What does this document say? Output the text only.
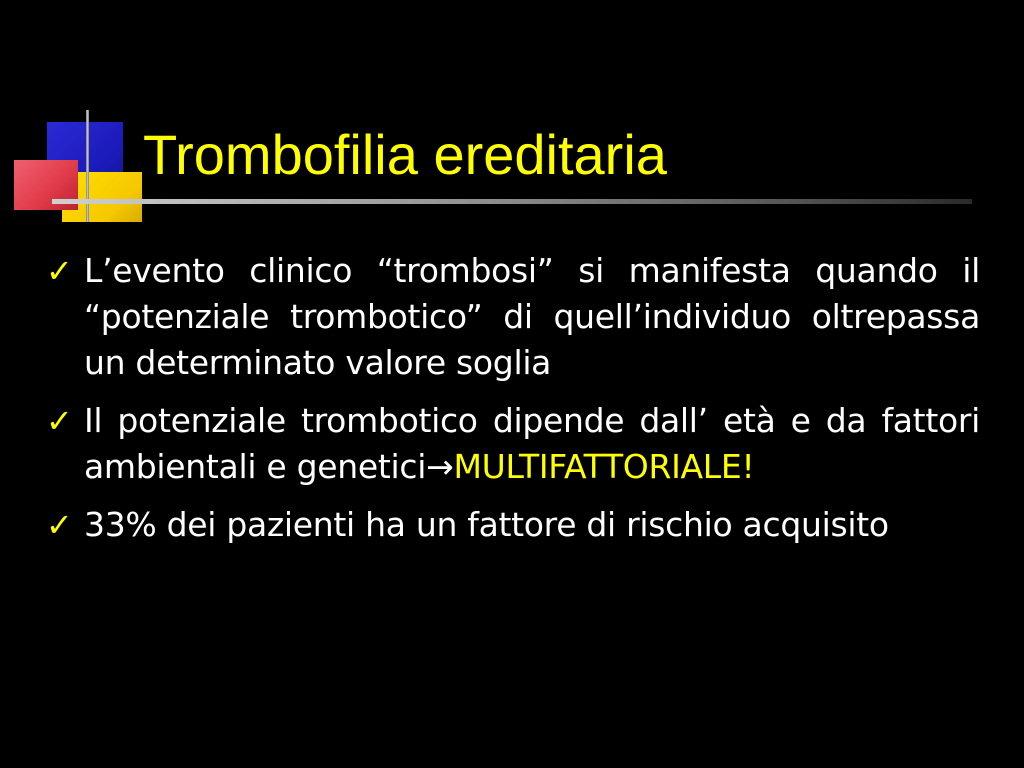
Trombofilia ereditaria
✓ L’evento clinico “trombosi” si manifesta quando il “potenziale trombotico” di quell’individuo oltrepassa un determinato valore soglia
✓ Il potenziale trombotico dipende dall’ età e da fattori ambientali e genetici→MULTIFATTORIALE!
✓ 33% dei pazienti ha un fattore di rischio acquisito
